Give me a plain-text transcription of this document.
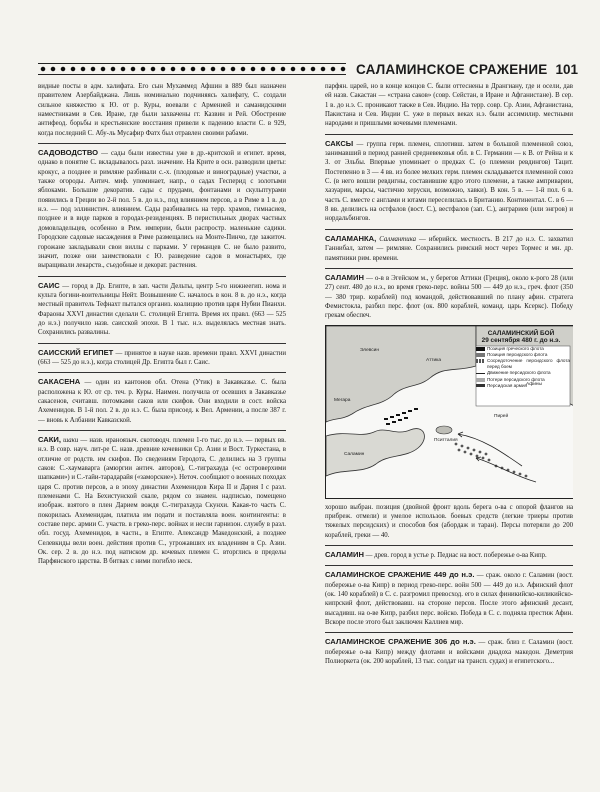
САЛАМИНСКОЕ СРАЖЕНИЕ 101

видные посты в адм. халифата. Его сын Мухаммед Афшин в 889 был назначен правителем Азербайджана. Лишь номинально подчиняясь халифату, С. создали сильное княжество к Ю. от р. Куры, воевали с Арменией и саманидскими наместниками в Сев. Иране, где были захвачены гг. Казвин и Рей. Обострение антифеод. борьбы и крестьянские восстания привели к падению власти С. в 929, когда последний С. Абу-ль Мусафир Фатх был отравлен своими рабами.

САДОВОДСТВО — сады были известны уже в др.-критской и египет. время, однако в понятие С. вкладывалось разл. значение. На Крите в осн. разводили цветы: крокус, а позднее и римляне разбивали с.-х. (плодовые и виноградные) участки, а также огороды. Антич. миф. упоминает, напр., о садах Гесперид с золотыми яблоками. Большие декоратив. сады с прудами, фонтанами и скульптурами появились в Греции во 2-й пол. 5 в. до н.э., под влиянием персов, а в Риме в 1 в. до н.э. — под эллинистич. влиянием. Сады разбивались на терр. храмов, гимнасиев, позднее и в виде парков в городах-резиденциях. В перистильных дворах частных домовладельцев, особенно в Рим. империи, были распростр. маленькие садики. Городские садовые насаждения в Риме размещались на Монте-Пинчо, где зажиточ. горожане закладывали свои виллы с парками. У германцев С. не было развито, значит, позже они заимствовали с Ю. разведение садов в монастырях, где выращивали лекарств., съедобные и декорат. растения.
САИС — город в Др. Египте, в зап. части Дельты, центр 5-го нижнеегип. нома и культа богини-воительницы Нейт. Возвышение С. началось в кон. 8 в. до н.э., когда местный правитель Тефнахт пытался организ. коалицию против царя Нубии Пианхи. Фараоны XXVI династии сделали С. столицей Египта. Время их правл. (663 — 525 до н.э.) получило назв. саисской эпохи. В 1 тыс. н.э. выделялась местная знать. Сохранились развалины.
САИССКИЙ ЕГИПЕТ — принятое в науке назв. времени правл. XXVI династии (663 — 525 до н.э.), когда столицей Др. Египта был г. Саис.
САКАСЕНА — один из кантонов обл. Отена (Утик) в Закавказье. С. была расположена к Ю. от ср. теч. р. Куры. Наимен. получила от осевших в Закавказье сакасенов, считавш. потомками саков или скифов. Они входили в сост. войска Ахеменидов. В 1-й пол. 2 в. до н.э. С. была присоед. к Вел. Армении, а после 387 г. — вновь к Албании Кавказской.
САКИ, шаки — назв. ираноязыч. скотоводч. племен 1-го тыс. до н.э. — первых вв. н.э. В совр. науч. лит-ре С. назв. древние кочевники Ср. Азии и Вост. Туркестана, в отличие от родств. им скифов. По сведениям Геродота, С. делились на 3 группы саков: С.-хаумаварга (амюргии антич. авторов), С.-тиграхауда («с островерхими шапками») и С.-тайи-тарадарайя («заморские»). Неточ. сообщают о военных походах царя С. против персов, а в эпоху династии Ахеменидов Кира II и Дария I с разл. племенами С. На Бехистунской скале, рядом со знамен. надписью, помещено изображ. взятого в плен Дарием вождя С.-тиграхауда Скунхи. Какая-то часть С. покорилась Ахеменидам, платила им подати и поставляла воен. контингенты: в составе перс. армии С. участв. в греко-перс. войнах и несли гарнизон. службу в разл. обл. госуд. Ахеменидов, в частн., в Египте. Александр Македонский, а позднее Селевкиды вели воен. действия против С., угрожавших их владениям в Ср. Азии. Ок. сер. 2 в. до н.э. под натиском др. кочевых племен С. вторглись в пределы Парфянского царства. В битвах с ними погибло неск.

парфян. царей, но в конце концов С. были оттеснены в Дрангиану, где и осели, дав ей назв. Сакастан — «страна саков» (совр. Сейстан, в Иране и Афганистане). В сер. 1 в. до н.э. С. проникают также в Сев. Индию. На терр. совр. Ср. Азии, Афганистана, Пакистана и Сев. Индии С. уже в первых веках н.э. были ассимилир. местными народами и пришлыми кочевыми племенами.

САКСЫ — группа герм. племен, сплотивш. затем в большой племенной союз, занимавший в период ранней средневековья обл. в С. Германии — к В. от Рейна и к З. от Эльбы. Впервые упоминает о предках С. (о племени ревдингов) Тацит. Постепенно в 3 — 4 вв. из более мелких герм. племен складывается племенной союз С. (в него вошли ревдигны, составившие ядро этого племени, а также амприварии, хазуарии, марсы, частично херуски, возможно, хавки). В кон. 5 в. — 1-й пол. 6 в. часть С. вместе с англами и ютами переселилась в Британию. Континентал. С. в 6 — 8 вв. делились на остфалов (вост. С.), вестфалов (зап. С.), анграриев (или энгров) и нордальбингов.
САЛАМАНКА, Салмантика — иберийск. местность. В 217 до н.э. С. захватил Ганнибал, затем — римляне. Сохранились римский мост через Тормес и мн. др. памятники рим. времени.
САЛАМИН — о-в в Эгейском м., у берегов Аттики (Греция), около к-рого 28 (или 27) сент. 480 до н.э., во время греко-перс. войны 500 — 449 до н.э., греч. флот (350 — 380 трир. кораблей) под командой, действовавший по плану афин. стратега Фемистокла, разбил перс. флот (ок. 800 кораблей, команд. царь Ксеркс). Победу грекам обеспеч.
САЛАМИНСКИЙ БОЙ
29 сентября 480 г. до н.э.
Позиция греческого флота
Позиция персидского флота
Сосредоточение персидского флота перед боем
Движение персидского флота
Потери персидского флота
Персидская армия
Саламин
Элевсин
Пирей
Афины
Пситталия
Аттика
Мегара

хорошо выбран. позиция (двойной фронт вдоль берега о-ва с опорой флангов на прибреж. отмели) и умелое использов. боевых средств (легкие триеры против тяжелых персидских) и способов боя (абордаж и таран). Персы потеряли до 200 кораблей, греки — 40.

САЛАМИН — древ. город в устье р. Педиас на вост. побережье о-ва Кипр.
САЛАМИНСКОЕ СРАЖЕНИЕ 449 до н.э. — сраж. около г. Саламин (вост. побережье о-ва Кипр) в период греко-перс. войн 500 — 449 до н.э. Афинский флот (ок. 140 кораблей) в С. с. разгромил превосход. его в силах финикийско-киликийско-кипрский флот, действовавш. на стороне персов. После этого афинский десант, высадивш. на о-ве Кипр, разбил перс. войско. Победа в С. с. подняла престиж Афин. Вскоре после этого был заключен Каллиев мир.
САЛАМИНСКОЕ СРАЖЕНИЕ 306 до н.э. — сраж. близ г. Саламин (вост. побережье о-ва Кипр) между флотами и войсками диадоха македон. Деметрия Полиоркета (ок. 200 кораблей, 13 тыс. солдат на трансп. судах) и египетского...
